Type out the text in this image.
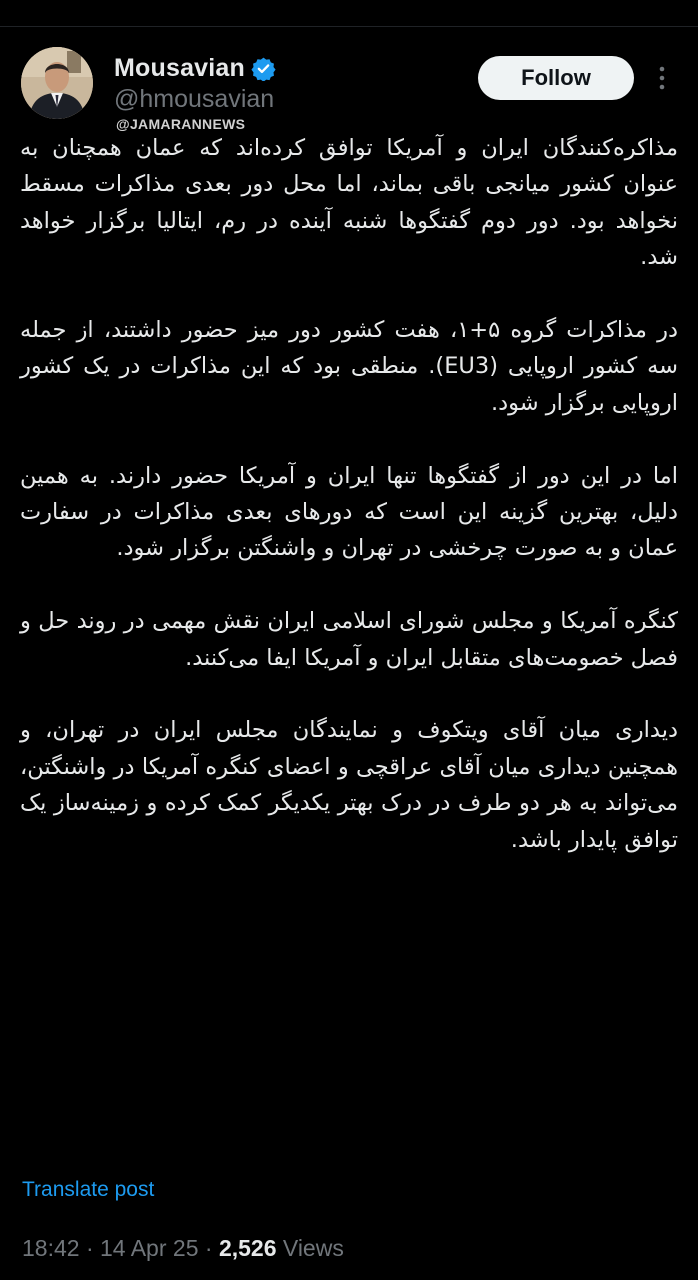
Mousavian
@hmousavian
Follow
@JAMARANNEWS

مذاکره‌کنندگان ایران و آمریکا توافق کرده‌اند که عمان همچنان به عنوان کشور میانجی باقی بماند، اما محل دور بعدی مذاکرات مسقط نخواهد بود. دور دوم گفتگوها شنبه آینده در رم، ایتالیا برگزار خواهد شد.

در مذاکرات گروه ۵+۱، هفت کشور دور میز حضور داشتند، از جمله سه کشور اروپایی (EU3). منطقی بود که این مذاکرات در یک کشور اروپایی برگزار شود.

اما در این دور از گفتگوها تنها ایران و آمریکا حضور دارند. به همین دلیل، بهترین گزینه این است که دورهای بعدی مذاکرات در سفارت عمان و به صورت چرخشی در تهران و واشنگتن برگزار شود.

کنگره آمریکا و مجلس شورای اسلامی ایران نقش مهمی در روند حل و فصل خصومت‌های متقابل ایران و آمریکا ایفا می‌کنند.

دیداری میان آقای ویتکوف و نمایندگان مجلس ایران در تهران، و همچنین دیداری میان آقای عراقچی و اعضای کنگره آمریکا در واشنگتن، می‌تواند به هر دو طرف در درک بهتر یکدیگر کمک کرده و زمینه‌ساز یک توافق پایدار باشد.

Translate post
18:42 · 14 Apr 25 · 2,526 Views
